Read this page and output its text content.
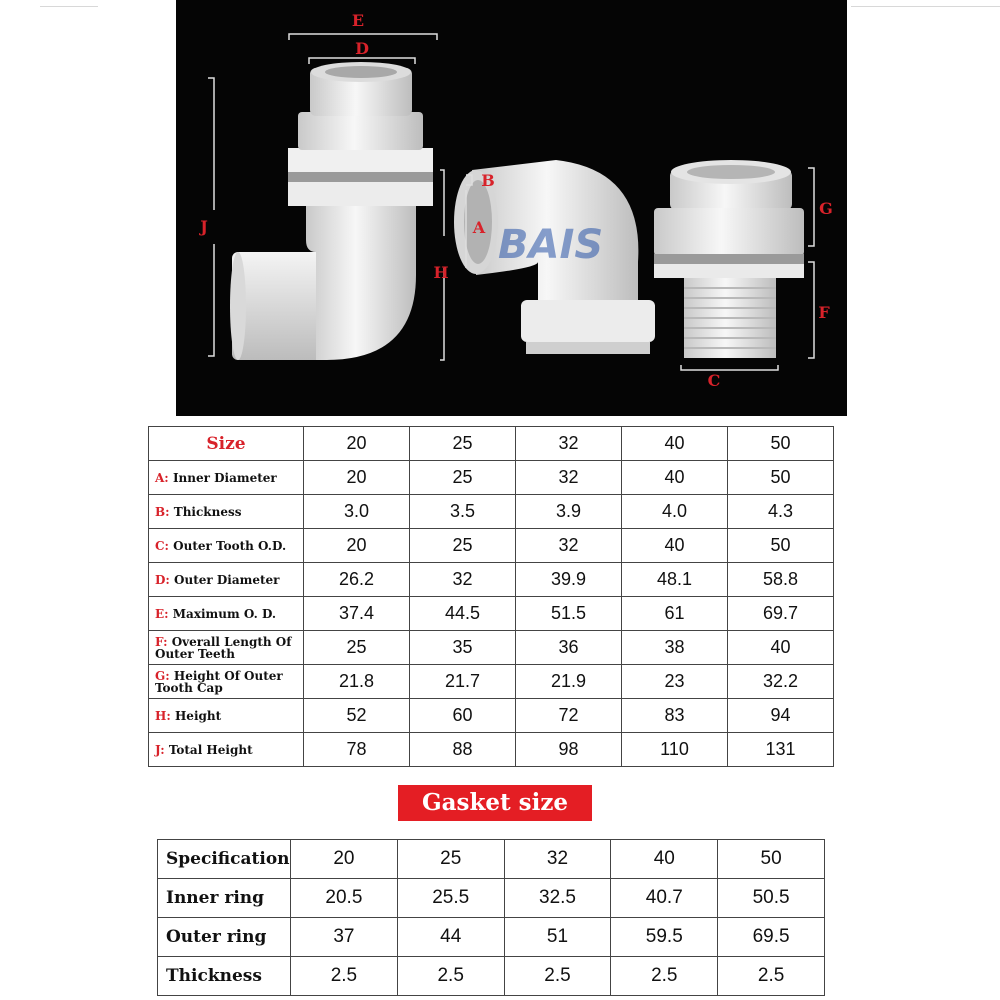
E
D
B
A
J
H
G
F
C
BAIS
Size	20	25	32	40	50
A: Inner Diameter	20	25	32	40	50
B: Thickness	3.0	3.5	3.9	4.0	4.3
C: Outer Tooth O.D.	20	25	32	40	50
D: Outer Diameter	26.2	32	39.9	48.1	58.8
E: Maximum O. D.	37.4	44.5	51.5	61	69.7
F: Overall Length Of Outer Teeth	25	35	36	38	40
G: Height Of Outer Tooth Cap	21.8	21.7	21.9	23	32.2
H: Height	52	60	72	83	94
J: Total Height	78	88	98	110	131
Gasket size
Specification	20	25	32	40	50
Inner ring	20.5	25.5	32.5	40.7	50.5
Outer ring	37	44	51	59.5	69.5
Thickness	2.5	2.5	2.5	2.5	2.5
